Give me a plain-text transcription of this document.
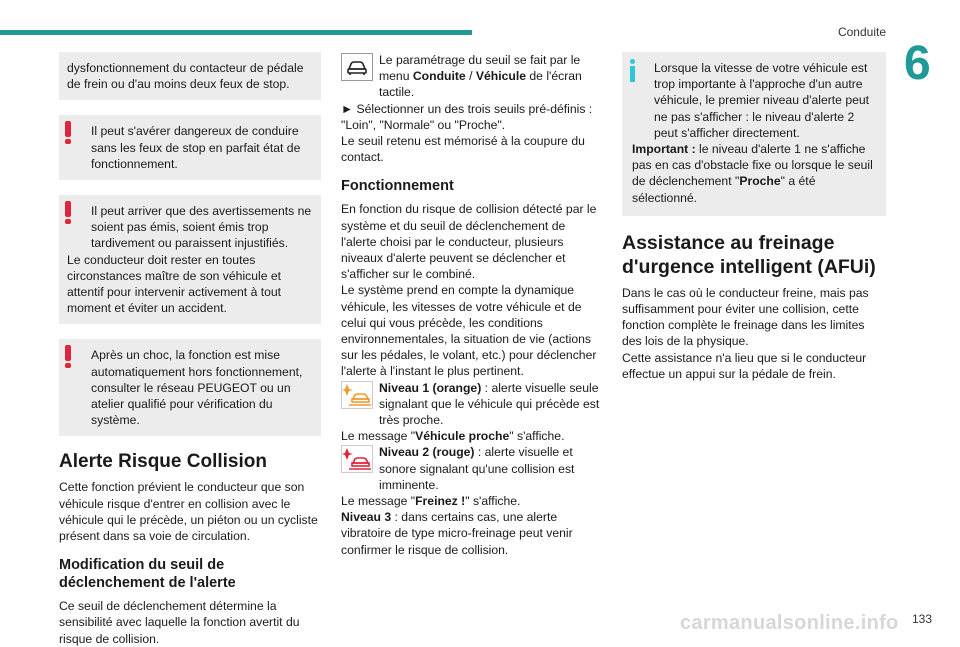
Conduite
6

dysfonctionnement du contacteur de pédale de frein ou d'au moins deux feux de stop.

Il peut s'avérer dangereux de conduire sans les feux de stop en parfait état de fonctionnement.

Il peut arriver que des avertissements ne soient pas émis, soient émis trop tardivement ou paraissent injustifiés.

Le conducteur doit rester en toutes circonstances maître de son véhicule et attentif pour intervenir activement à tout moment et éviter un accident.

Après un choc, la fonction est mise automatiquement hors fonctionnement, consulter le réseau PEUGEOT ou un atelier qualifié pour vérification du système.

Alerte Risque Collision

Cette fonction prévient le conducteur que son véhicule risque d'entrer en collision avec le véhicule qui le précède, un piéton ou un cycliste présent dans sa voie de circulation.

Modification du seuil de déclenchement de l'alerte

Ce seuil de déclenchement détermine la sensibilité avec laquelle la fonction avertit du risque de collision.

Le paramétrage du seuil se fait par le menu Conduite / Véhicule de l'écran tactile.

► Sélectionner un des trois seuils pré-définis : "Loin", "Normale" ou "Proche".

Le seuil retenu est mémorisé à la coupure du contact.

Fonctionnement

En fonction du risque de collision détecté par le système et du seuil de déclenchement de l'alerte choisi par le conducteur, plusieurs niveaux d'alerte peuvent se déclencher et s'afficher sur le combiné.

Le système prend en compte la dynamique véhicule, les vitesses de votre véhicule et de celui qui vous précède, les conditions environnementales, la situation de vie (actions sur les pédales, le volant, etc.) pour déclencher l'alerte à l'instant le plus pertinent.

Niveau 1 (orange) : alerte visuelle seule signalant que le véhicule qui précède est très proche.

Le message "Véhicule proche" s'affiche.

Niveau 2 (rouge) : alerte visuelle et sonore signalant qu'une collision est imminente.

Le message "Freinez !" s'affiche.

Niveau 3 : dans certains cas, une alerte vibratoire de type micro-freinage peut venir confirmer le risque de collision.

Lorsque la vitesse de votre véhicule est trop importante à l'approche d'un autre véhicule, le premier niveau d'alerte peut ne pas s'afficher : le niveau d'alerte 2 peut s'afficher directement.

Important : le niveau d'alerte 1 ne s'affiche pas en cas d'obstacle fixe ou lorsque le seuil de déclenchement "Proche" a été sélectionné.

Assistance au freinage d'urgence intelligent (AFUi)

Dans le cas où le conducteur freine, mais pas suffisamment pour éviter une collision, cette fonction complète le freinage dans les limites des lois de la physique.

Cette assistance n'a lieu que si le conducteur effectue un appui sur la pédale de frein.

carmanualsonline.info 133
